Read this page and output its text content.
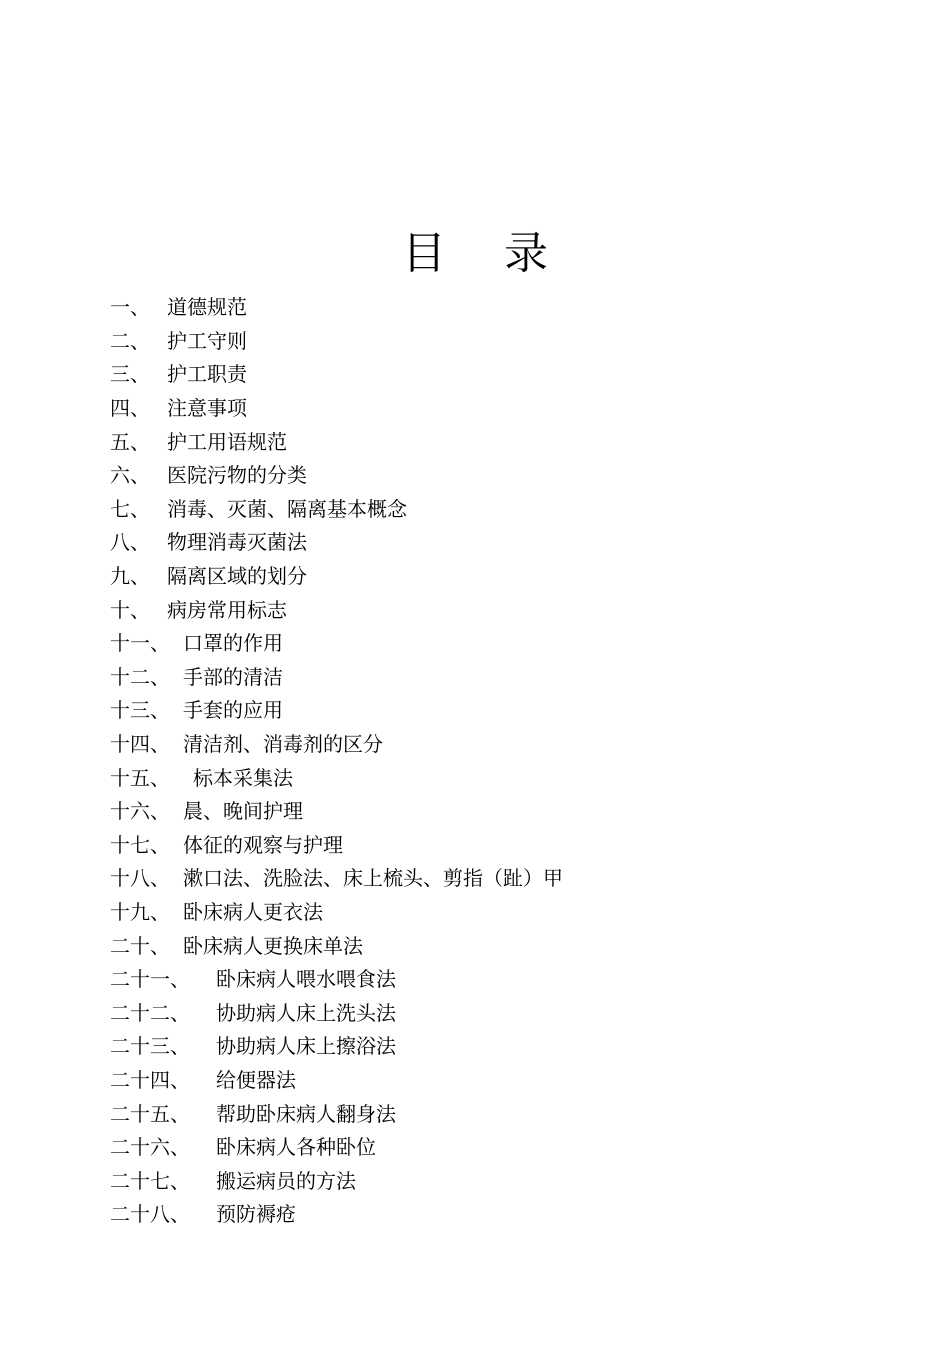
目 录
一、 道德规范
二、 护工守则
三、 护工职责
四、 注意事项
五、 护工用语规范
六、 医院污物的分类
七、 消毒、灭菌、隔离基本概念
八、 物理消毒灭菌法
九、 隔离区域的划分
十、 病房常用标志
十一、 口罩的作用
十二、 手部的清洁
十三、 手套的应用
十四、 清洁剂、消毒剂的区分
十五、	标本采集法
十六、 晨、晚间护理
十七、 体征的观察与护理
十八、 漱口法、洗脸法、床上梳头、剪指（趾）甲
十九、 卧床病人更衣法
二十、 卧床病人更换床单法
二十一、	卧床病人喂水喂食法
二十二、	协助病人床上洗头法
二十三、	协助病人床上擦浴法
二十四、	给便器法
二十五、	帮助卧床病人翻身法
二十六、	卧床病人各种卧位
二十七、	搬运病员的方法
二十八、	预防褥疮
